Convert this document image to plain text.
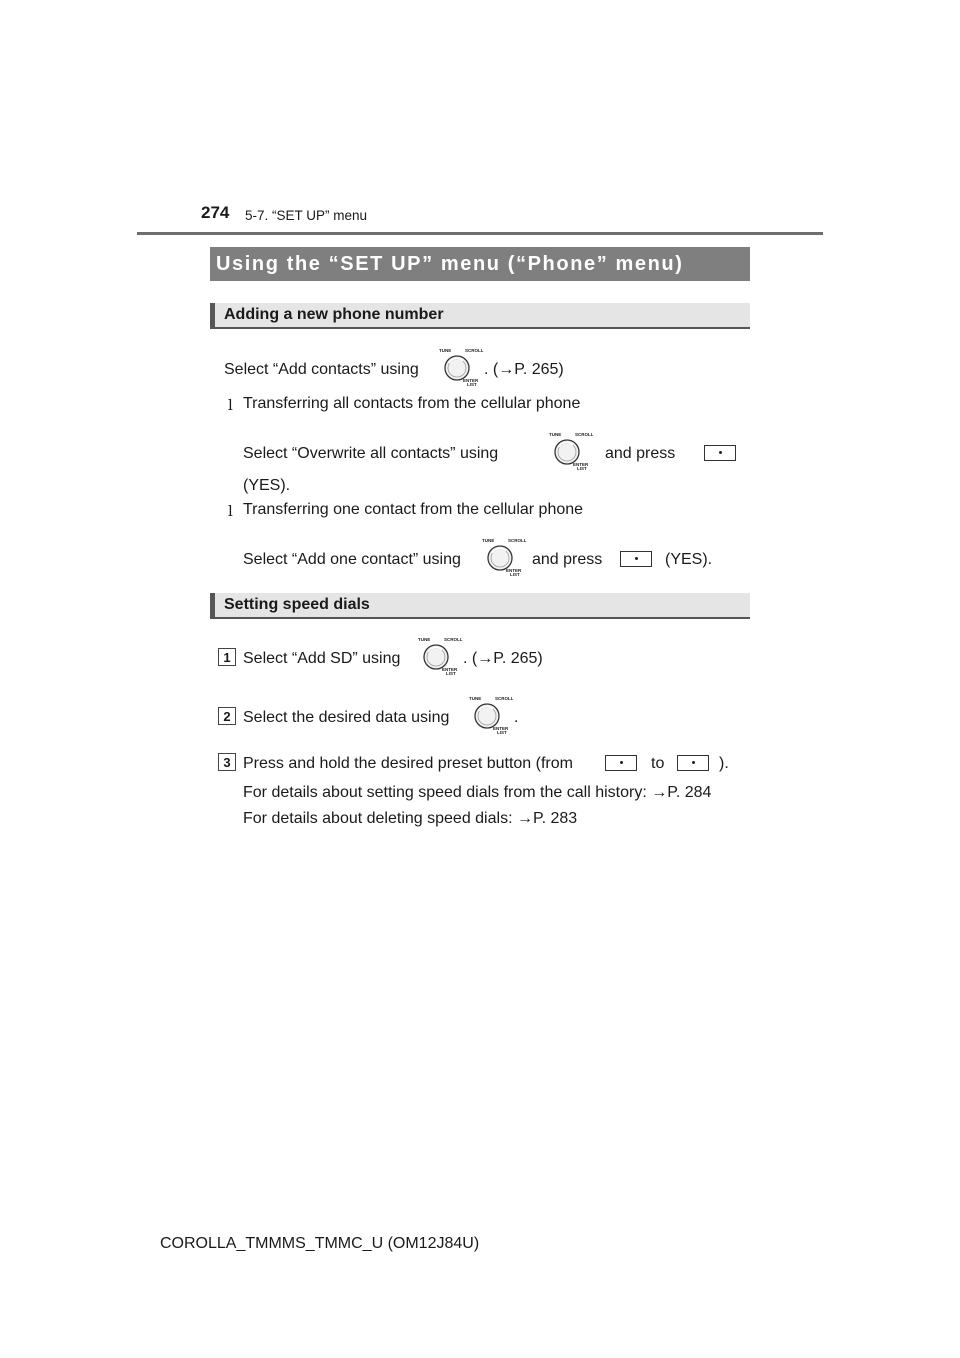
274 5-7. “SET UP” menu
Using the “SET UP” menu (“Phone” menu)
Adding a new phone number
Select “Add contacts” using
TUNE	SCROLL
ENTER
LIST
. (→P. 265)
l Transferring all contacts from the cellular phone
Select “Overwrite all contacts” using
TUNE	SCROLL
ENTER
LIST
and press
(YES).
l Transferring one contact from the cellular phone
Select “Add one contact” using
TUNE	SCROLL
ENTER
LIST
and press	(YES).
Setting speed dials
1 Select “Add SD” using
TUNE	SCROLL
ENTER
LIST
. (→P. 265)
2 Select the desired data using
TUNE	SCROLL
ENTER
LIST
.
3 Press and hold the desired preset button (from	to	).
For details about setting speed dials from the call history: →P. 284
For details about deleting speed dials: →P. 283
COROLLA_TMMMS_TMMC_U (OM12J84U)
